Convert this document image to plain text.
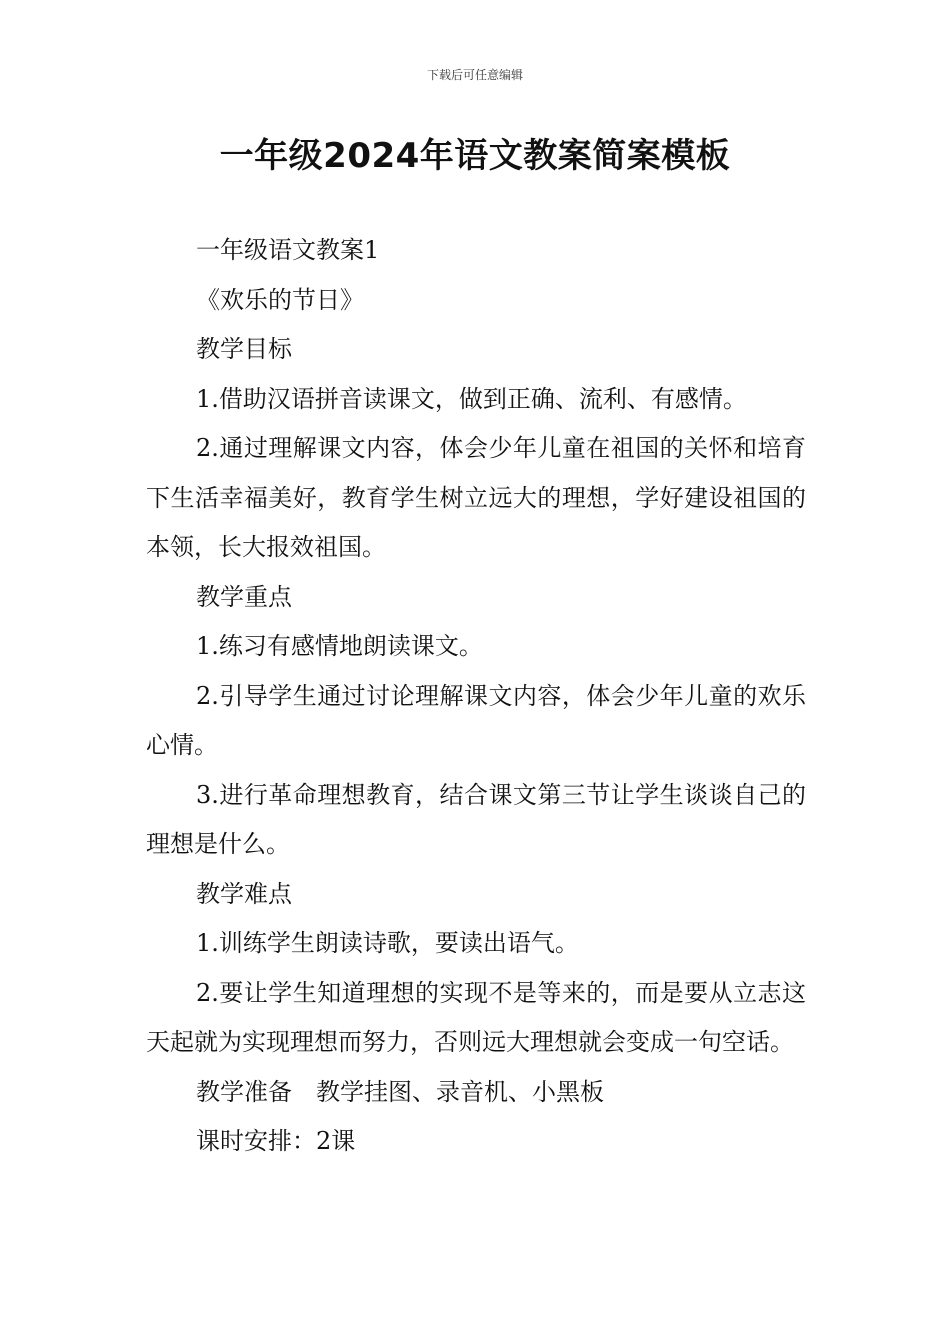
下载后可任意编辑
一年级2024年语文教案简案模板

一年级语文教案1

《欢乐的节日》

教学目标

1.借助汉语拼音读课文，做到正确、流利、有感情。

2.通过理解课文内容，体会少年儿童在祖国的关怀和培育下生活幸福美好，教育学生树立远大的理想，学好建设祖国的本领，长大报效祖国。

教学重点

1.练习有感情地朗读课文。

2.引导学生通过讨论理解课文内容，体会少年儿童的欢乐心情。

3.进行革命理想教育，结合课文第三节让学生谈谈自己的理想是什么。

教学难点

1.训练学生朗读诗歌，要读出语气。

2.要让学生知道理想的实现不是等来的，而是要从立志这天起就为实现理想而努力，否则远大理想就会变成一句空话。

教学准备 教学挂图、录音机、小黑板

课时安排：2课
